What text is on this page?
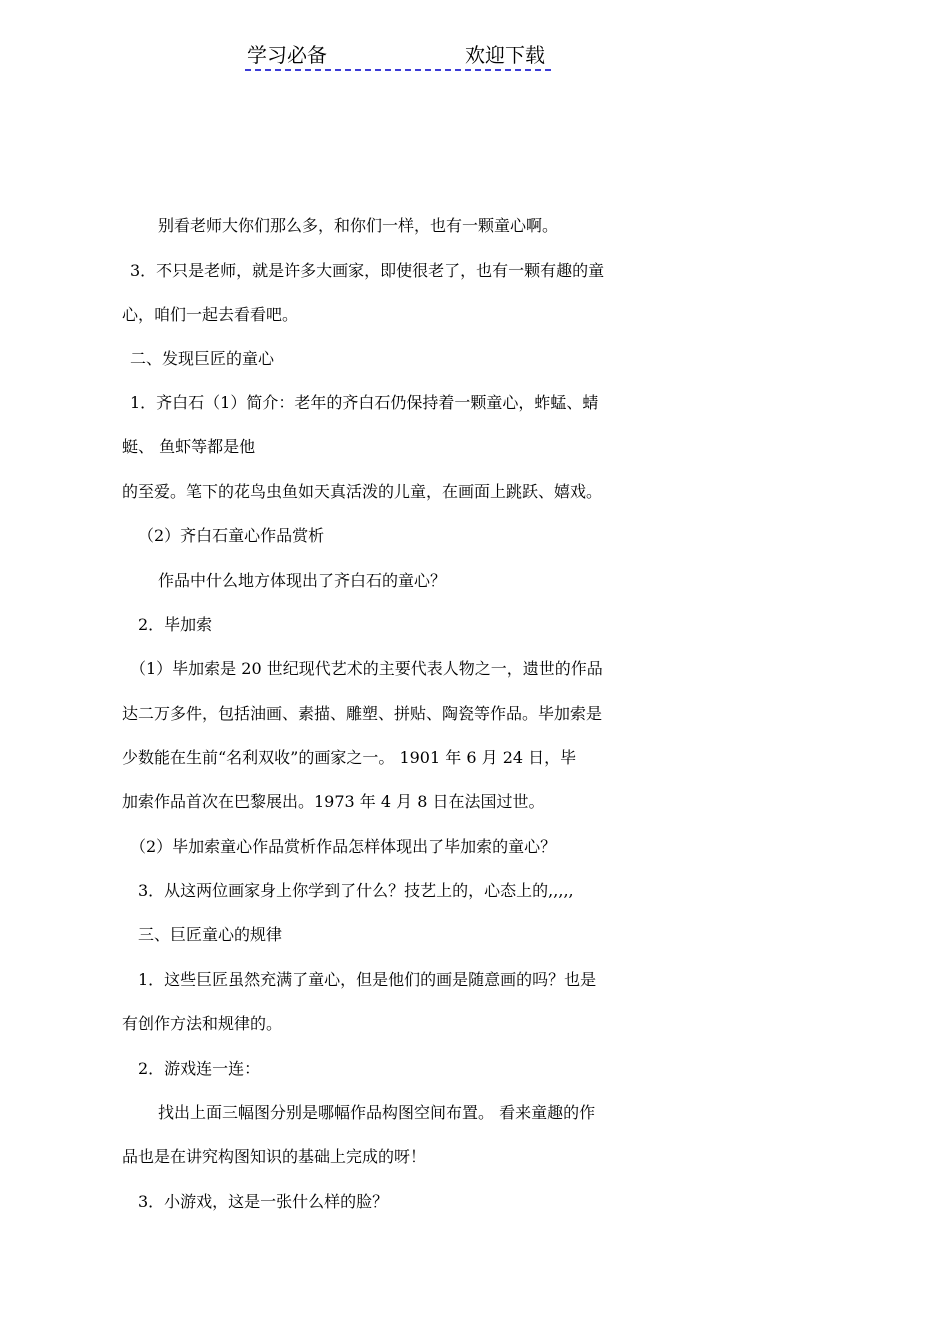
学习必备	欢迎下载
别看老师大你们那么多，和你们一样，也有一颗童心啊。
3．不只是老师，就是许多大画家，即使很老了，也有一颗有趣的童
心，咱们一起去看看吧。
二、发现巨匠的童心
1．齐白石（1）简介：老年的齐白石仍保持着一颗童心，蚱蜢、蜻
蜓、 鱼虾等都是他
的至爱。笔下的花鸟虫鱼如天真活泼的儿童，在画面上跳跃、嬉戏。
（2）齐白石童心作品赏析
作品中什么地方体现出了齐白石的童心？
2．毕加索
（1）毕加索是 20 世纪现代艺术的主要代表人物之一，遗世的作品
达二万多件，包括油画、素描、雕塑、拼贴、陶瓷等作品。毕加索是
少数能在生前“名利双收”的画家之一。 1901 年 6 月 24 日，毕
加索作品首次在巴黎展出。1973 年 4 月 8 日在法国过世。
（2）毕加索童心作品赏析作品怎样体现出了毕加索的童心？
3．从这两位画家身上你学到了什么？技艺上的，心态上的,,,,,
三、巨匠童心的规律
1．这些巨匠虽然充满了童心，但是他们的画是随意画的吗？也是
有创作方法和规律的。
2．游戏连一连：
找出上面三幅图分别是哪幅作品构图空间布置。 看来童趣的作
品也是在讲究构图知识的基础上完成的呀！
3．小游戏，这是一张什么样的脸？
